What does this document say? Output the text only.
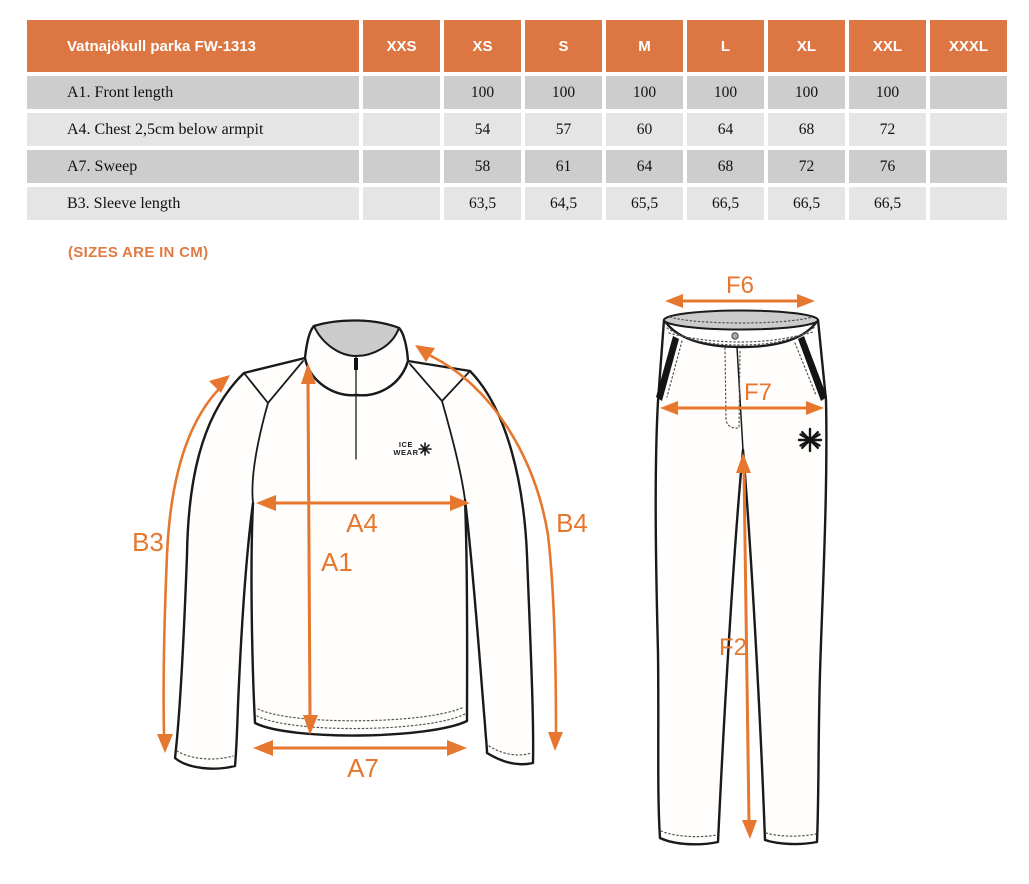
Vatnajökull parka FW-1313	XXS	XS	S	M	L	XL	XXL	XXXL
A1. Front length		100	100	100	100	100	100	
A4. Chest 2,5cm below armpit		54	57	60	64	68	72	
A7. Sweep		58	61	64	68	72	76	
B3. Sleeve length		63,5	64,5	65,5	66,5	66,5	66,5	
(SIZES ARE IN CM)
ICE
WEAR
B3
A4
A1
A7
B4
F6
F7
F2
